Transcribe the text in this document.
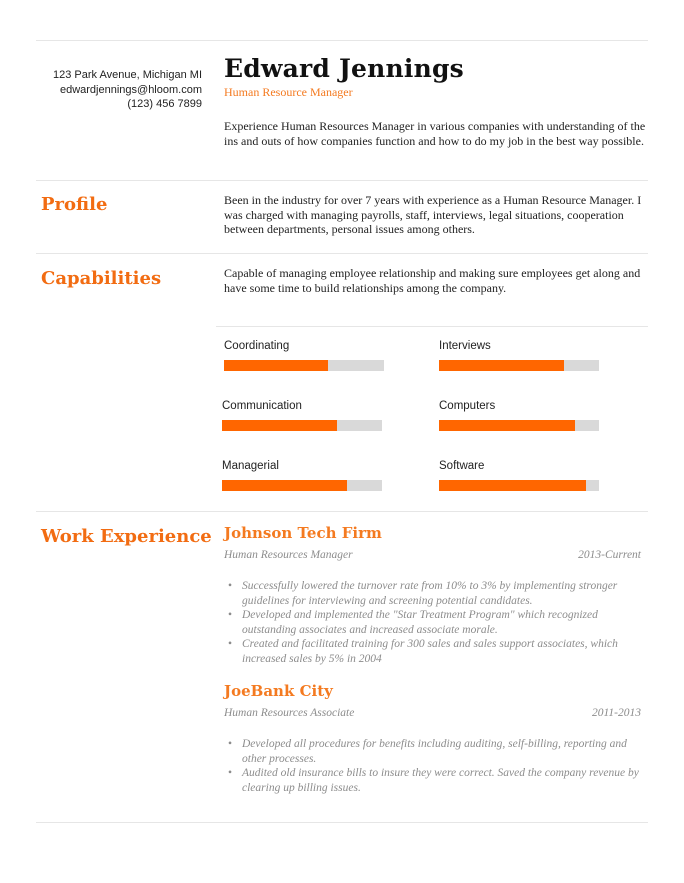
123 Park Avenue, Michigan MI
edwardjennings@hloom.com
(123) 456 7899
Edward Jennings
Human Resource Manager
Experience Human Resources Manager in various companies with understanding of the ins and outs of how companies function and how to do my job in the best way possible.
Profile	Been in the industry for over 7 years with experience as a Human Resource Manager. I was charged with managing payrolls, staff, interviews, legal situations, cooperation between departments, personal issues among others.
Capabilities	Capable of managing employee relationship and making sure employees get along and have some time to build relationships among the company.
Coordinating	Interviews
Communication	Computers
Managerial	Software
Work Experience Johnson Tech Firm
Human Resources Manager	2013-Current
• Successfully lowered the turnover rate from 10% to 3% by implementing stronger guidelines for interviewing and screening potential candidates.
• Developed and implemented the "Star Treatment Program" which recognized outstanding associates and increased associate morale.
• Created and facilitated training for 300 sales and sales support associates, which increased sales by 5% in 2004
JoeBank City
Human Resources Associate	2011-2013
• Developed all procedures for benefits including auditing, self-billing, reporting and other processes.
• Audited old insurance bills to insure they were correct. Saved the company revenue by clearing up billing issues.
